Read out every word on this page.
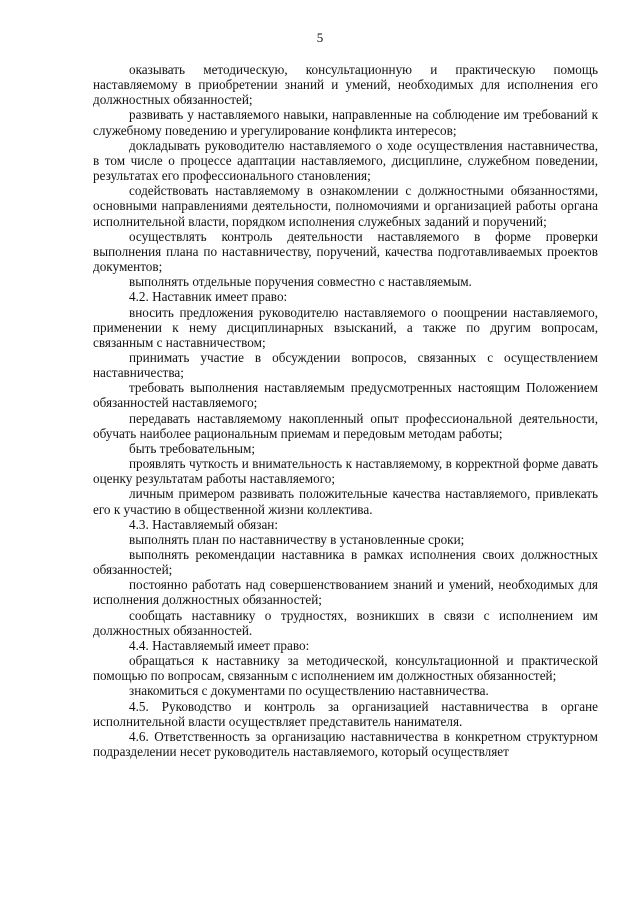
5

оказывать методическую, консультационную и практическую помощь наставляемому в приобретении знаний и умений, необходимых для исполнения его должностных обязанностей;

развивать у наставляемого навыки, направленные на соблюдение им требований к служебному поведению и урегулирование конфликта интересов;

докладывать руководителю наставляемого о ходе осуществления наставничества, в том числе о процессе адаптации наставляемого, дисциплине, служебном поведении, результатах его профессионального становления;

содействовать наставляемому в ознакомлении с должностными обязанностями, основными направлениями деятельности, полномочиями и организацией работы органа исполнительной власти, порядком исполнения служебных заданий и поручений;

осуществлять контроль деятельности наставляемого в форме проверки выполнения плана по наставничеству, поручений, качества подготавливаемых проектов документов;

выполнять отдельные поручения совместно с наставляемым.

4.2. Наставник имеет право:

вносить предложения руководителю наставляемого о поощрении наставляемого, применении к нему дисциплинарных взысканий, а также по другим вопросам, связанным с наставничеством;

принимать участие в обсуждении вопросов, связанных с осуществлением наставничества;

требовать выполнения наставляемым предусмотренных настоящим Положением обязанностей наставляемого;

передавать наставляемому накопленный опыт профессиональной деятельности, обучать наиболее рациональным приемам и передовым методам работы;

быть требовательным;

проявлять чуткость и внимательность к наставляемому, в корректной форме давать оценку результатам работы наставляемого;

личным примером развивать положительные качества наставляемого, привлекать его к участию в общественной жизни коллектива.

4.3. Наставляемый обязан:

выполнять план по наставничеству в установленные сроки;

выполнять рекомендации наставника в рамках исполнения своих должностных обязанностей;

постоянно работать над совершенствованием знаний и умений, необходимых для исполнения должностных обязанностей;

сообщать наставнику о трудностях, возникших в связи с исполнением им должностных обязанностей.

4.4. Наставляемый имеет право:

обращаться к наставнику за методической, консультационной и практической помощью по вопросам, связанным с исполнением им должностных обязанностей;

знакомиться с документами по осуществлению наставничества.

4.5. Руководство и контроль за организацией наставничества в органе исполнительной власти осуществляет представитель нанимателя.

4.6. Ответственность за организацию наставничества в конкретном структурном подразделении несет руководитель наставляемого, который осуществляет
